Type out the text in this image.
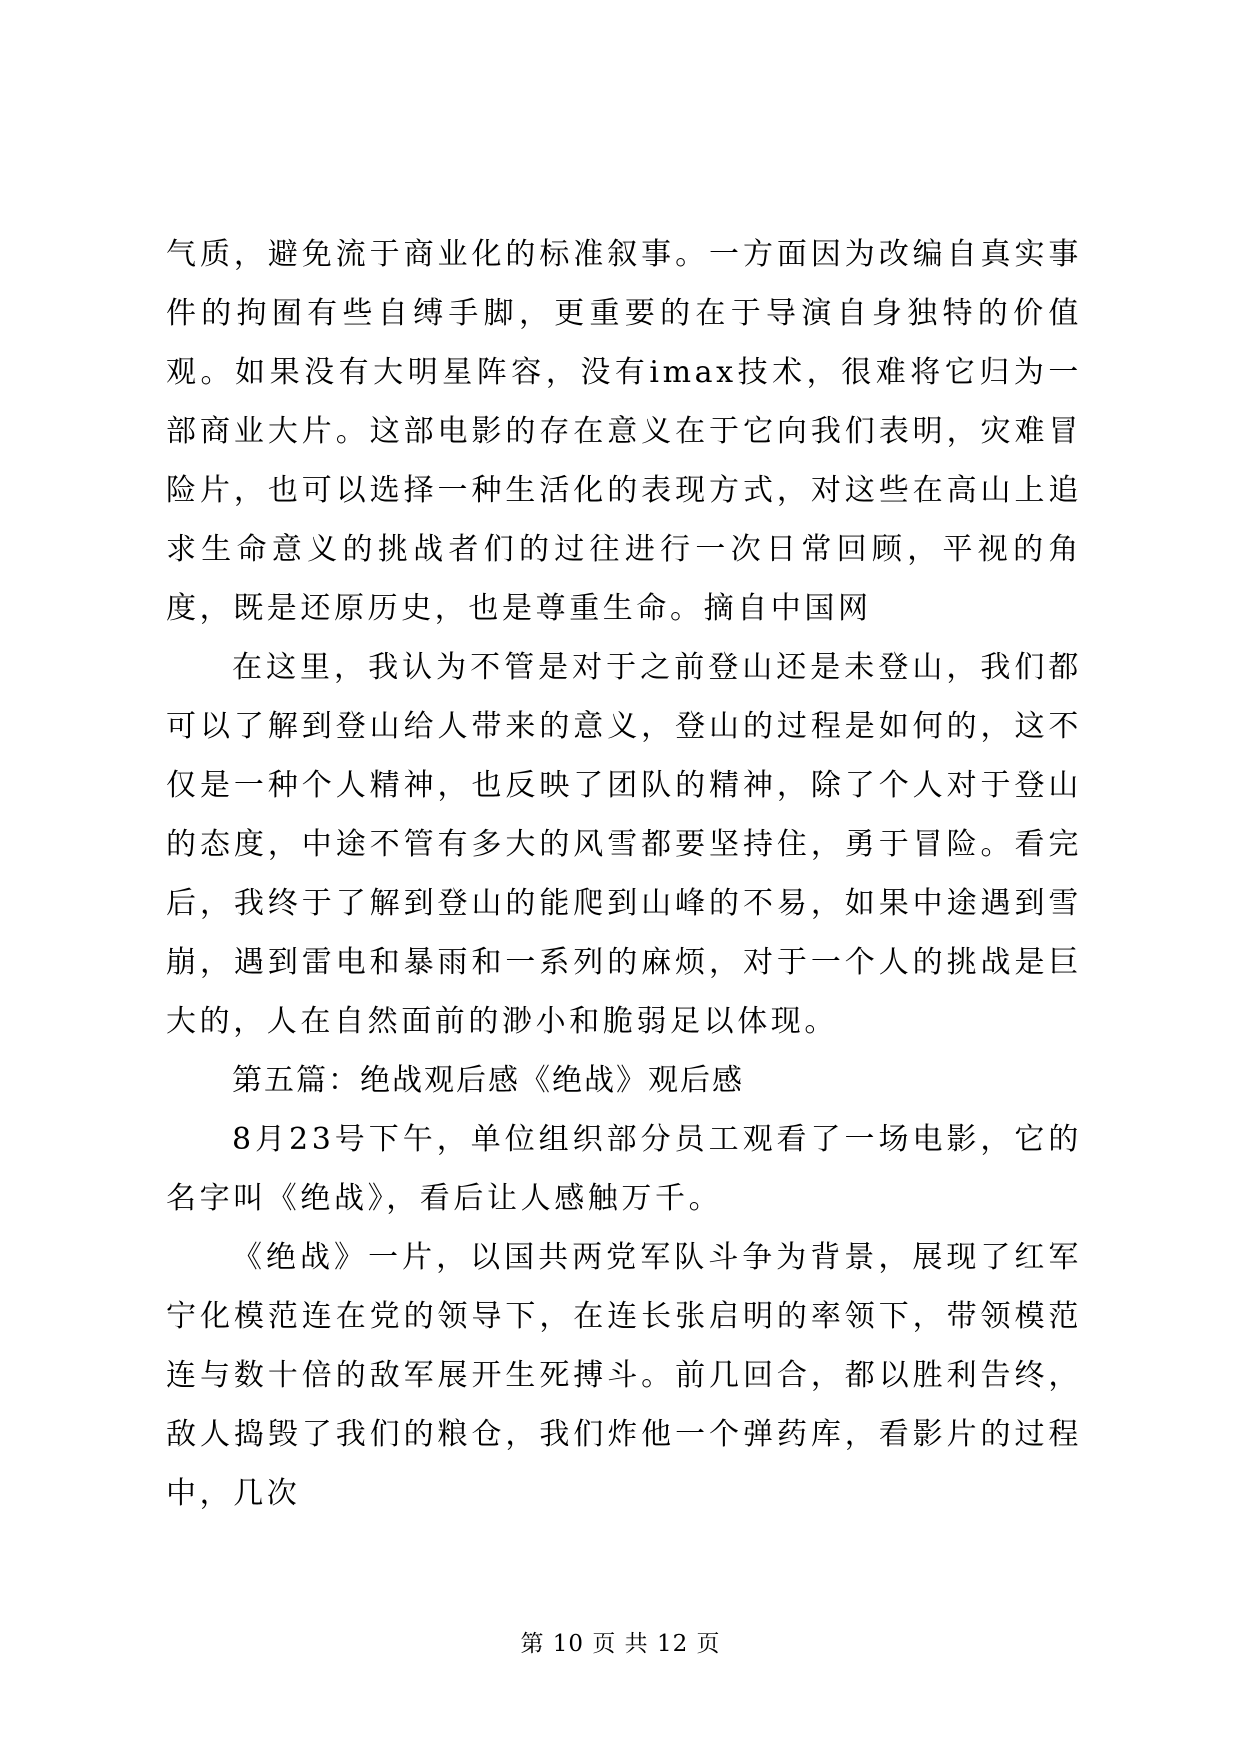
气质，避免流于商业化的标准叙事。一方面因为改编自真实事件的拘囿有些自缚手脚，更重要的在于导演自身独特的价值观。如果没有大明星阵容，没有imax技术，很难将它归为一部商业大片。这部电影的存在意义在于它向我们表明，灾难冒险片，也可以选择一种生活化的表现方式，对这些在高山上追求生命意义的挑战者们的过往进行一次日常回顾，平视的角度，既是还原历史，也是尊重生命。摘自中国网

在这里，我认为不管是对于之前登山还是未登山，我们都可以了解到登山给人带来的意义，登山的过程是如何的，这不仅是一种个人精神，也反映了团队的精神，除了个人对于登山的态度，中途不管有多大的风雪都要坚持住，勇于冒险。看完后，我终于了解到登山的能爬到山峰的不易，如果中途遇到雪崩，遇到雷电和暴雨和一系列的麻烦，对于一个人的挑战是巨大的，人在自然面前的渺小和脆弱足以体现。

第五篇：绝战观后感《绝战》观后感

8月23号下午，单位组织部分员工观看了一场电影，它的名字叫《绝战》，看后让人感触万千。

《绝战》一片，以国共两党军队斗争为背景，展现了红军宁化模范连在党的领导下，在连长张启明的率领下，带领模范连与数十倍的敌军展开生死搏斗。前几回合，都以胜利告终，敌人捣毁了我们的粮仓，我们炸他一个弹药库，看影片的过程中，几次

第 10 页 共 12 页
